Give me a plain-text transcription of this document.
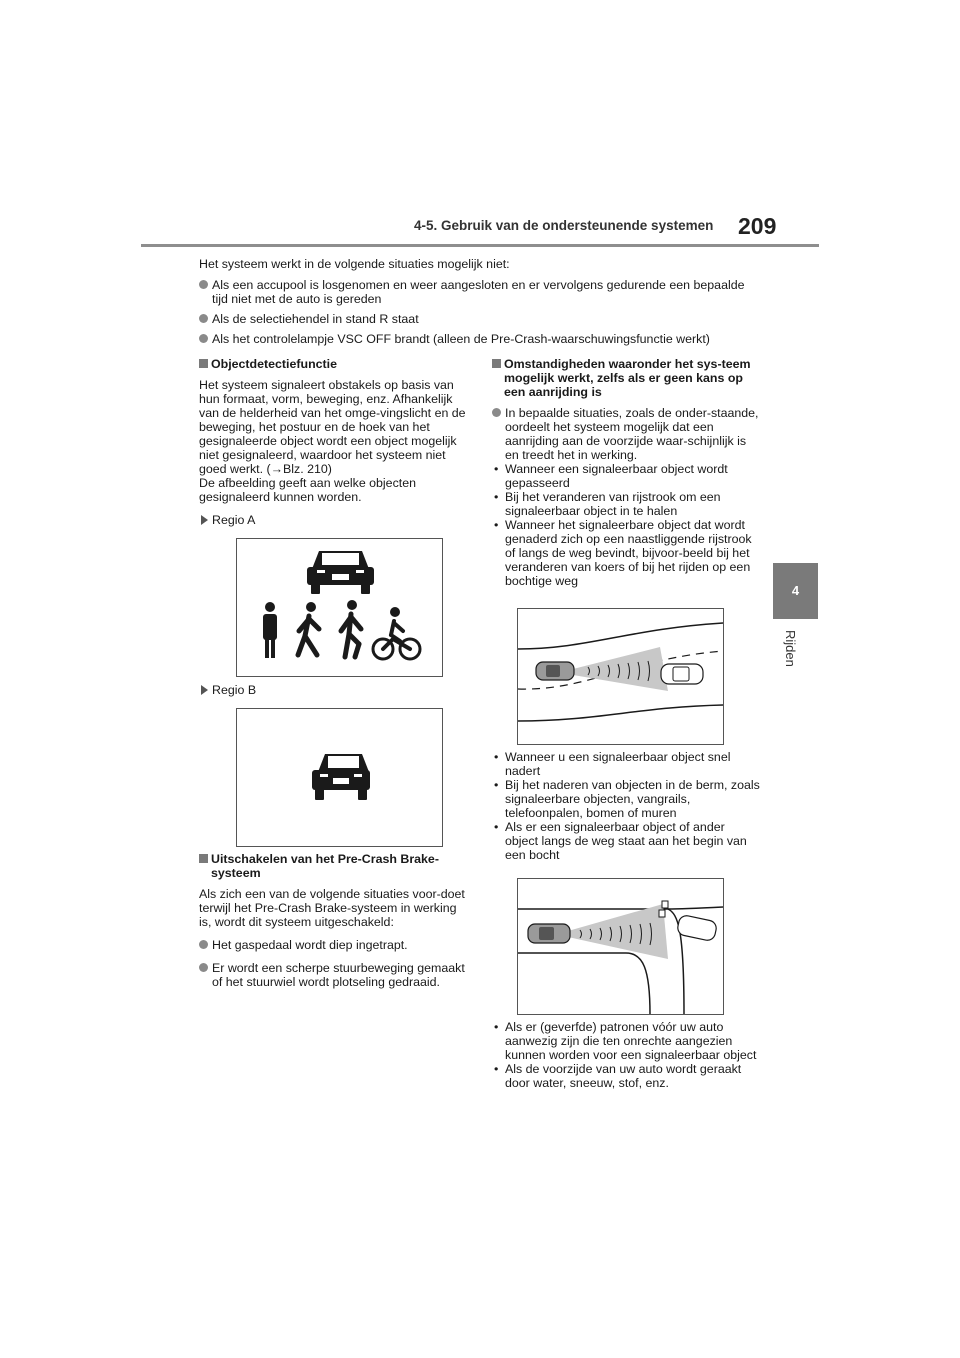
4-5. Gebruik van de ondersteunende systemen 209
4
Rijden

Het systeem werkt in de volgende situaties mogelijk niet:

Als een accupool is losgenomen en weer aangesloten en er vervolgens gedurende een bepaalde tijd niet met de auto is gereden
Als de selectiehendel in stand R staat
Als het controlelampje VSC OFF brandt (alleen de Pre-Crash-waarschuwingsfunctie werkt)
Objectdetectiefunctie

Het systeem signaleert obstakels op basis van hun formaat, vorm, beweging, enz. Afhankelijk van de helderheid van het omge-vingslicht en de beweging, het postuur en de hoek van het gesignaleerde object wordt een object mogelijk niet gesignaleerd, waardoor het systeem niet goed werkt. (→Blz. 210)

De afbeelding geeft aan welke objecten gesignaleerd kunnen worden.

Regio A
Regio B
Uitschakelen van het Pre-Crash Brake-systeem

Als zich een van de volgende situaties voor-doet terwijl het Pre-Crash Brake-systeem in werking is, wordt dit systeem uitgeschakeld:

Het gaspedaal wordt diep ingetrapt.
Er wordt een scherpe stuurbeweging gemaakt of het stuurwiel wordt plotseling gedraaid.
Omstandigheden waaronder het sys-teem mogelijk werkt, zelfs als er geen kans op een aanrijding is
In bepaalde situaties, zoals de onder-staande, oordeelt het systeem mogelijk dat een aanrijding aan de voorzijde waar-schijnlijk is en treedt het in werking.
• Wanneer een signaleerbaar object wordt gepasseerd
• Bij het veranderen van rijstrook om een signaleerbaar object in te halen
• Wanneer het signaleerbare object dat wordt genaderd zich op een naastliggende rijstrook of langs de weg bevindt, bijvoor-beeld bij het veranderen van koers of bij het rijden op een bochtige weg
• Wanneer u een signaleerbaar object snel nadert
• Bij het naderen van objecten in de berm, zoals signaleerbare objecten, vangrails, telefoonpalen, bomen of muren
• Als er een signaleerbaar object of ander object langs de weg staat aan het begin van een bocht
• Als er (geverfde) patronen vóór uw auto aanwezig zijn die ten onrechte aangezien kunnen worden voor een signaleerbaar object
• Als de voorzijde van uw auto wordt geraakt door water, sneeuw, stof, enz.
